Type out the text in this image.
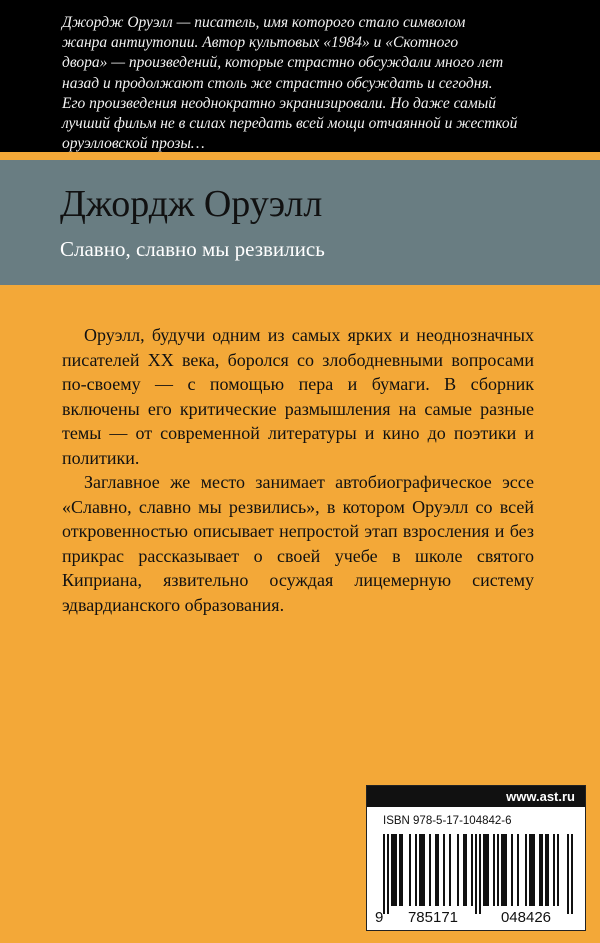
Джордж Оруэлл — писатель, имя которого стало символом
жанра антиутопии. Автор культовых «1984» и «Скотного
двора» — произведений, которые страстно обсуждали много лет
назад и продолжают столь же страстно обсуждать и сегодня.
Его произведения неоднократно экранизировали. Но даже самый
лучший фильм не в силах передать всей мощи отчаянной и жесткой
оруэлловской прозы…
Джордж Оруэлл
Славно, славно мы резвились

Оруэлл, будучи одним из самых ярких и неоднозначных писателей XX века, боролся со злободневными вопросами по-своему — с помощью пера и бумаги. В сборник включены его критические размышления на самые разные темы — от современной литературы и кино до поэтики и политики.

Заглавное же место занимает автобиографическое эссе «Славно, славно мы резвились», в котором Оруэлл со всей откровенностью описывает непростой этап взросления и без прикрас рассказывает о своей учебе в школе святого Киприана, язвительно осуждая лицемерную систему эдвардианского образования.

www.ast.ru
ISBN 978-5-17-104842-6
9 785171	048426
